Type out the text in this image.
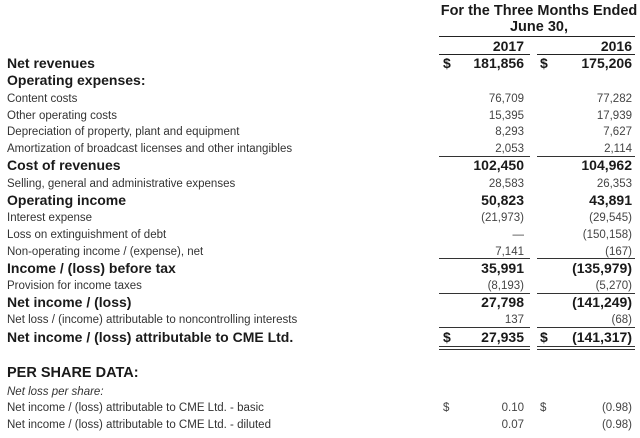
For the Three Months Ended June 30,
2017	2016
Net revenues	$ 181,856 $ 175,206
Operating expenses:
Content costs	76,709	77,282
Other operating costs	15,395	17,939
Depreciation of property, plant and equipment	8,293	7,627
Amortization of broadcast licenses and other intangibles	2,053	2,114
Cost of revenues	102,450	104,962
Selling, general and administrative expenses	28,583	26,353
Operating income	50,823	43,891
Interest expense	(21,973)	(29,545)
Loss on extinguishment of debt	—	(150,158)
Non-operating income / (expense), net	7,141	(167)
Income / (loss) before tax	35,991	(135,979)
Provision for income taxes	(8,193)	(5,270)
Net income / (loss)	27,798	(141,249)
Net loss / (income) attributable to noncontrolling interests	137	(68)
Net income / (loss) attributable to CME Ltd.	$ 27,935 $ (141,317)
PER SHARE DATA:
Net loss per share:
Net income / (loss) attributable to CME Ltd. - basic	$	0.10 $	(0.98)
Net income / (loss) attributable to CME Ltd. - diluted	0.07	(0.98)
